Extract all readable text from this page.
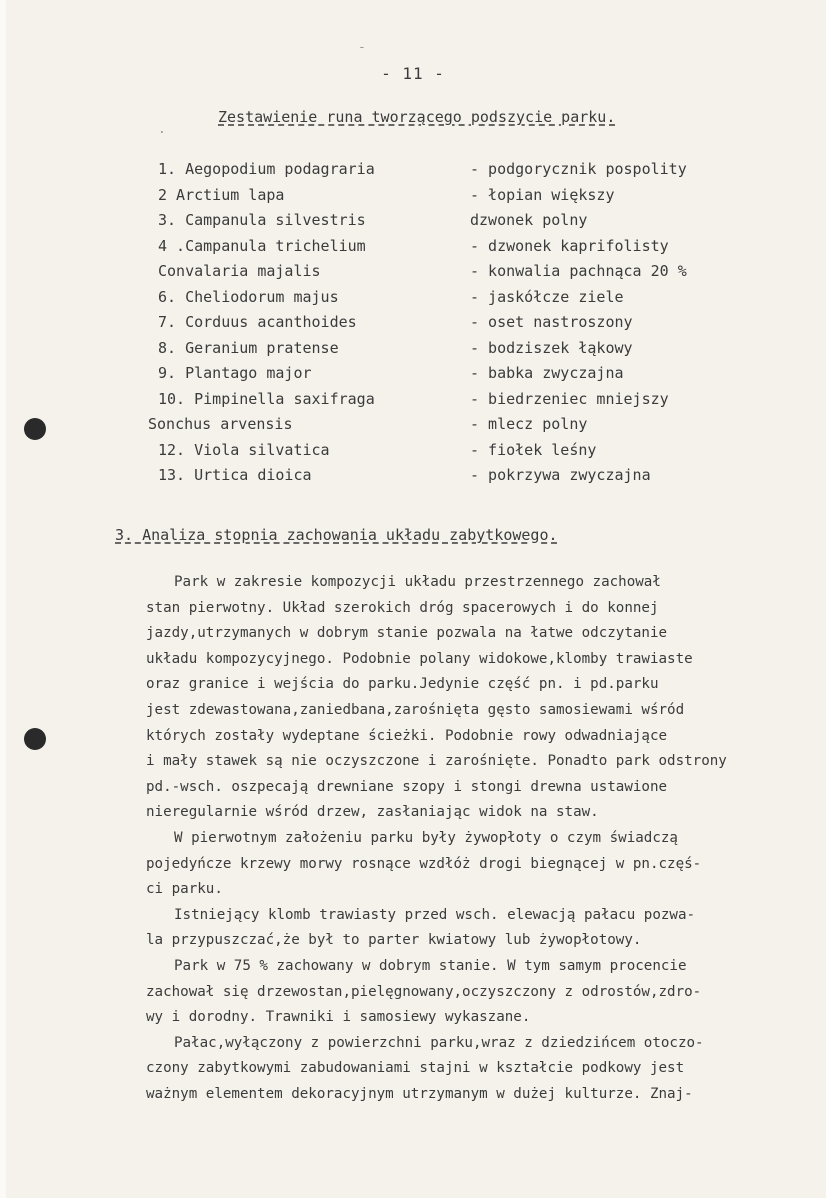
-
.
- 11 -
Zestawienie runa tworzącego podszycie parku.
1. Aegopodium podagraria	- podgorycznik pospolity
2 Arctium lapa	- łopian większy
3. Campanula silvestris	dzwonek polny
4 .Campanula trichelium	- dzwonek kaprifolisty
Convalaria majalis	- konwalia pachnąca 20 %
6. Cheliodorum majus	- jaskółcze ziele
7. Corduus acanthoides	- oset nastroszony
8. Geranium pratense	- bodziszek łąkowy
9. Plantago major	- babka zwyczajna
10. Pimpinella saxifraga	- biedrzeniec mniejszy
Sonchus arvensis	- mlecz polny
12. Viola silvatica	- fiołek leśny
13. Urtica dioica	- pokrzywa zwyczajna
3. Analiza stopnia zachowania układu zabytkowego.
Park w zakresie kompozycji układu przestrzennego zachował
stan pierwotny. Układ szerokich dróg spacerowych i do konnej
jazdy,utrzymanych w dobrym stanie pozwala na łatwe odczytanie
układu kompozycyjnego. Podobnie polany widokowe,klomby trawiaste
oraz granice i wejścia do parku.Jedynie część pn. i pd.parku
jest zdewastowana,zaniedbana,zarośnięta gęsto samosiewami wśród
których zostały wydeptane ścieżki. Podobnie rowy odwadniające
i mały stawek są nie oczyszczone i zarośnięte. Ponadto park odstrony
pd.-wsch. oszpecają drewniane szopy i stongi drewna ustawione
nieregularnie wśród drzew, zasłaniając widok na staw.
W pierwotnym założeniu parku były żywopłoty o czym świadczą
pojedyńcze krzewy morwy rosnące wzdłóż drogi biegnącej w pn.częś-
ci parku.
Istniejący klomb trawiasty przed wsch. elewacją pałacu pozwa-
la przypuszczać,że był to parter kwiatowy lub żywopłotowy.
Park w 75 % zachowany w dobrym stanie. W tym samym procencie
zachował się drzewostan,pielęgnowany,oczyszczony z odrostów,zdro-
wy i dorodny. Trawniki i samosiewy wykaszane.
Pałac,wyłączony z powierzchni parku,wraz z dziedzińcem otoczo-
czony zabytkowymi zabudowaniami stajni w kształcie podkowy jest
ważnym elementem dekoracyjnym utrzymanym w dużej kulturze. Znaj-
